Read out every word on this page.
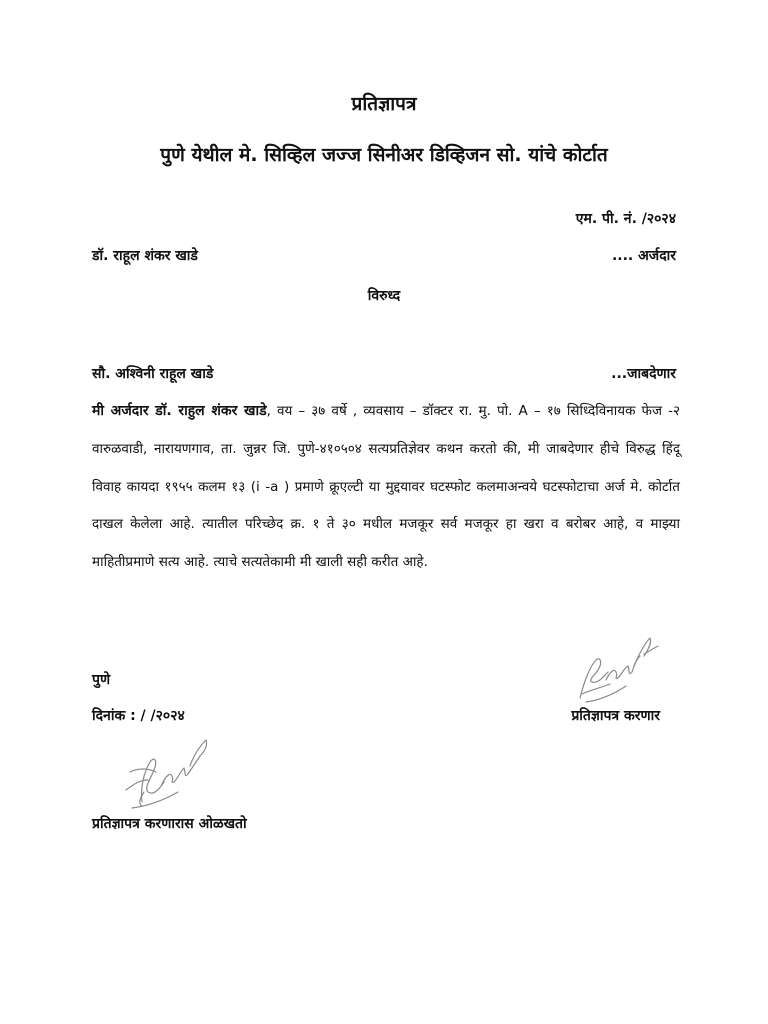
प्रतिज्ञापत्र
पुणे येथील मे. सिव्हिल जज्ज सिनीअर डिव्हिजन सो. यांचे कोर्टात
एम. पी. नं. /२०२४
डॉ. राहूल शंकर खाडे	.... अर्जदार
विरुध्द
सौ. अश्विनी राहूल खाडे	...जाबदेणार
मी अर्जदार डॉ. राहुल शंकर खाडे, वय – ३७ वर्षे , व्यवसाय – डॉक्टर रा. मु. पो. A – १७ सिध्दिविनायक फेज -२ वारुळवाडी, नारायणगाव, ता. जुन्नर जि. पुणे-४१०५०४ सत्यप्रतिज्ञेवर कथन करतो की, मी जाबदेणार हीचे विरुद्ध हिंदू विवाह कायदा १९५५ कलम १३ (i -a ) प्रमाणे क्रूएल्टी या मुद्दयावर घटस्फोट कलमाअन्वये घटस्फोटाचा अर्ज मे. कोर्टात दाखल केलेला आहे. त्यातील परिच्छेद क्र. १ ते ३० मधील मजकूर सर्व मजकूर हा खरा व बरोबर आहे, व माझ्या माहितीप्रमाणे सत्य आहे. त्याचे सत्यतेकामी मी खाली सही करीत आहे.
पुणे
दिनांक : / /२०२४	प्रतिज्ञापत्र करणार
प्रतिज्ञापत्र करणारास ओळखतो
